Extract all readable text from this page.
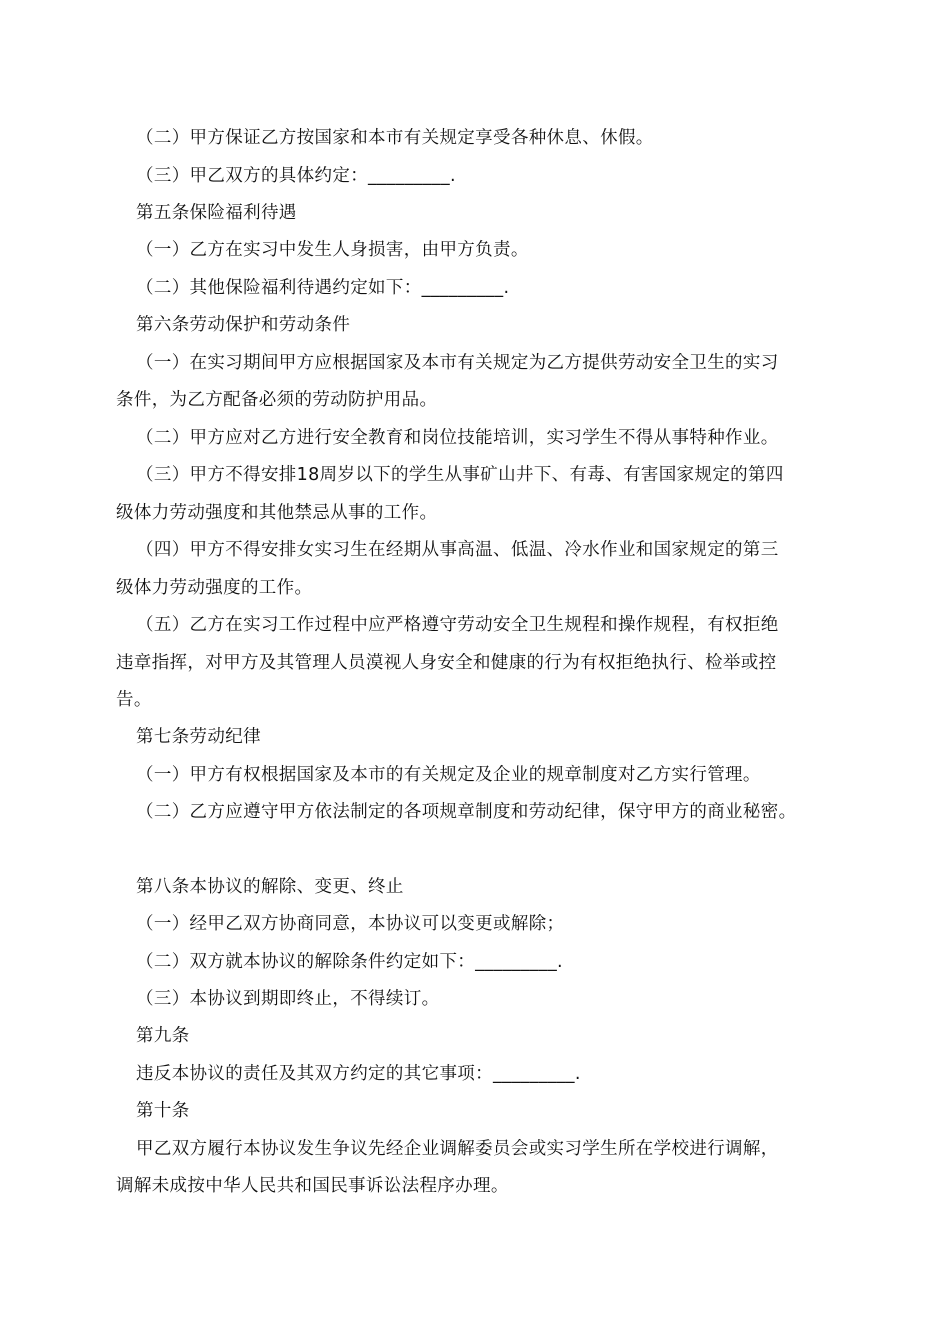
（二）甲方保证乙方按国家和本市有关规定享受各种休息、休假。
（三）甲乙双方的具体约定：_________.
第五条保险福利待遇
（一）乙方在实习中发生人身损害，由甲方负责。
（二）其他保险福利待遇约定如下：_________.
第六条劳动保护和劳动条件
（一）在实习期间甲方应根据国家及本市有关规定为乙方提供劳动安全卫生的实习
条件，为乙方配备必须的劳动防护用品。
（二）甲方应对乙方进行安全教育和岗位技能培训，实习学生不得从事特种作业。
（三）甲方不得安排18周岁以下的学生从事矿山井下、有毒、有害国家规定的第四
级体力劳动强度和其他禁忌从事的工作。
（四）甲方不得安排女实习生在经期从事高温、低温、冷水作业和国家规定的第三
级体力劳动强度的工作。
（五）乙方在实习工作过程中应严格遵守劳动安全卫生规程和操作规程，有权拒绝
违章指挥，对甲方及其管理人员漠视人身安全和健康的行为有权拒绝执行、检举或控
告。
第七条劳动纪律
（一）甲方有权根据国家及本市的有关规定及企业的规章制度对乙方实行管理。
（二）乙方应遵守甲方依法制定的各项规章制度和劳动纪律，保守甲方的商业秘密。
第八条本协议的解除、变更、终止
（一）经甲乙双方协商同意，本协议可以变更或解除；
（二）双方就本协议的解除条件约定如下：_________.
（三）本协议到期即终止，不得续订。
第九条
违反本协议的责任及其双方约定的其它事项：_________.
第十条
甲乙双方履行本协议发生争议先经企业调解委员会或实习学生所在学校进行调解，
调解未成按中华人民共和国民事诉讼法程序办理。
